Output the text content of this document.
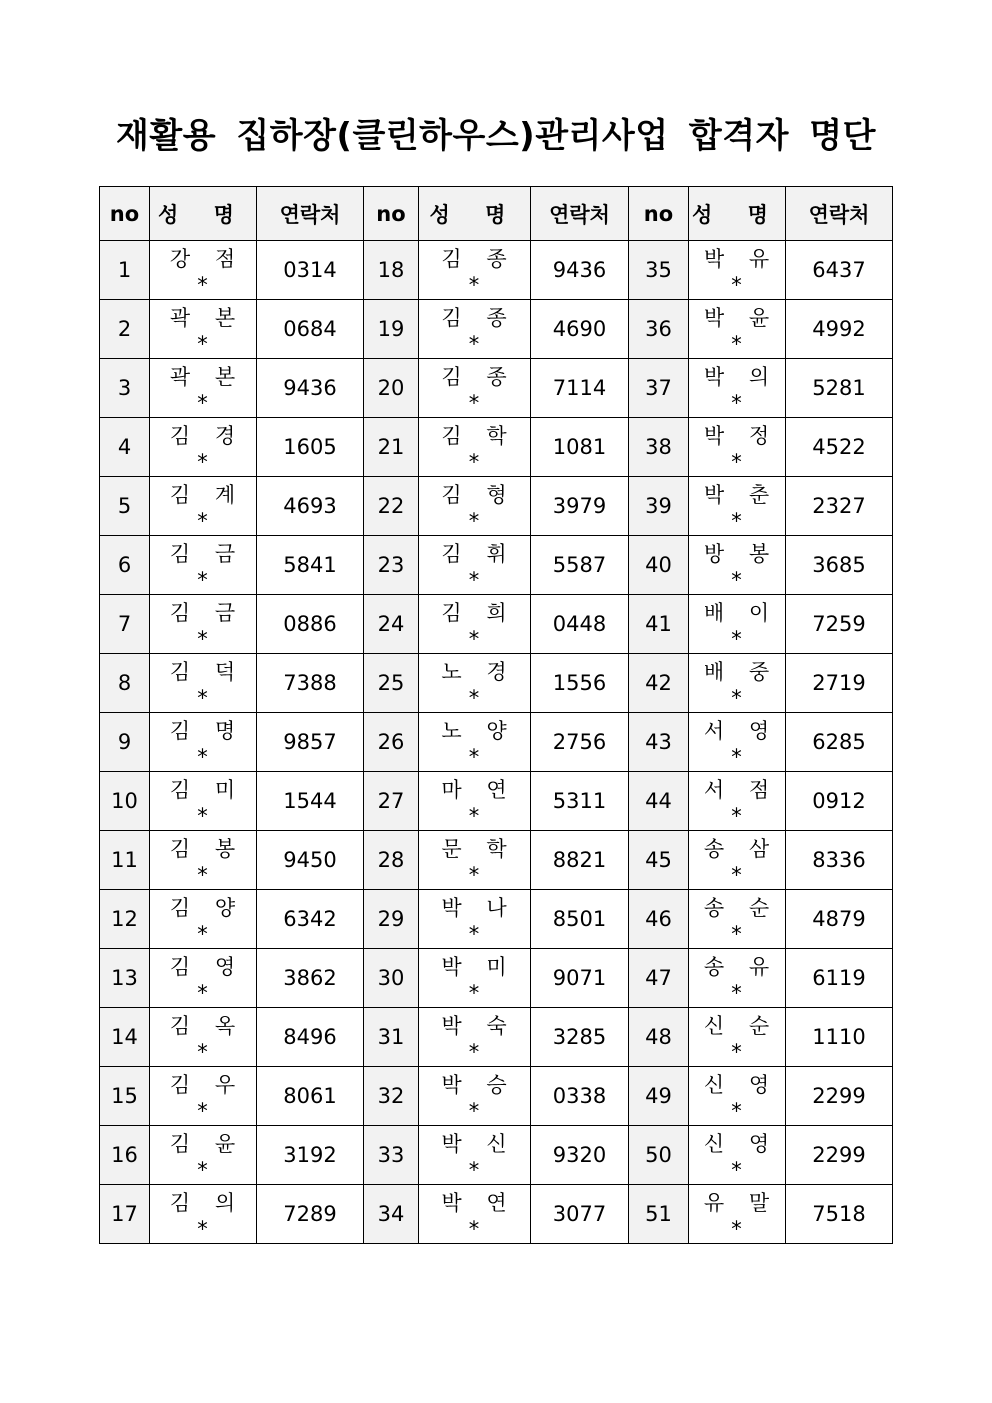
재활용 집하장(클린하우스)관리사업 합격자 명단
no	성 명	연락처	no	성 명	연락처	no	성 명	연락처
1	강 점 *	0314	18	김 종 *	9436	35	박 유 *	6437
2	곽 본 *	0684	19	김 종 *	4690	36	박 윤 *	4992
3	곽 본 *	9436	20	김 종 *	7114	37	박 의 *	5281
4	김 경 *	1605	21	김 학 *	1081	38	박 정 *	4522
5	김 계 *	4693	22	김 형 *	3979	39	박 춘 *	2327
6	김 금 *	5841	23	김 휘 *	5587	40	방 봉 *	3685
7	김 금 *	0886	24	김 희 *	0448	41	배 이 *	7259
8	김 덕 *	7388	25	노 경 *	1556	42	배 중 *	2719
9	김 명 *	9857	26	노 양 *	2756	43	서 영 *	6285
10	김 미 *	1544	27	마 연 *	5311	44	서 점 *	0912
11	김 봉 *	9450	28	문 학 *	8821	45	송 삼 *	8336
12	김 양 *	6342	29	박 나 *	8501	46	송 순 *	4879
13	김 영 *	3862	30	박 미 *	9071	47	송 유 *	6119
14	김 옥 *	8496	31	박 숙 *	3285	48	신 순 *	1110
15	김 우 *	8061	32	박 승 *	0338	49	신 영 *	2299
16	김 윤 *	3192	33	박 신 *	9320	50	신 영 *	2299
17	김 의 *	7289	34	박 연 *	3077	51	유 말 *	7518
